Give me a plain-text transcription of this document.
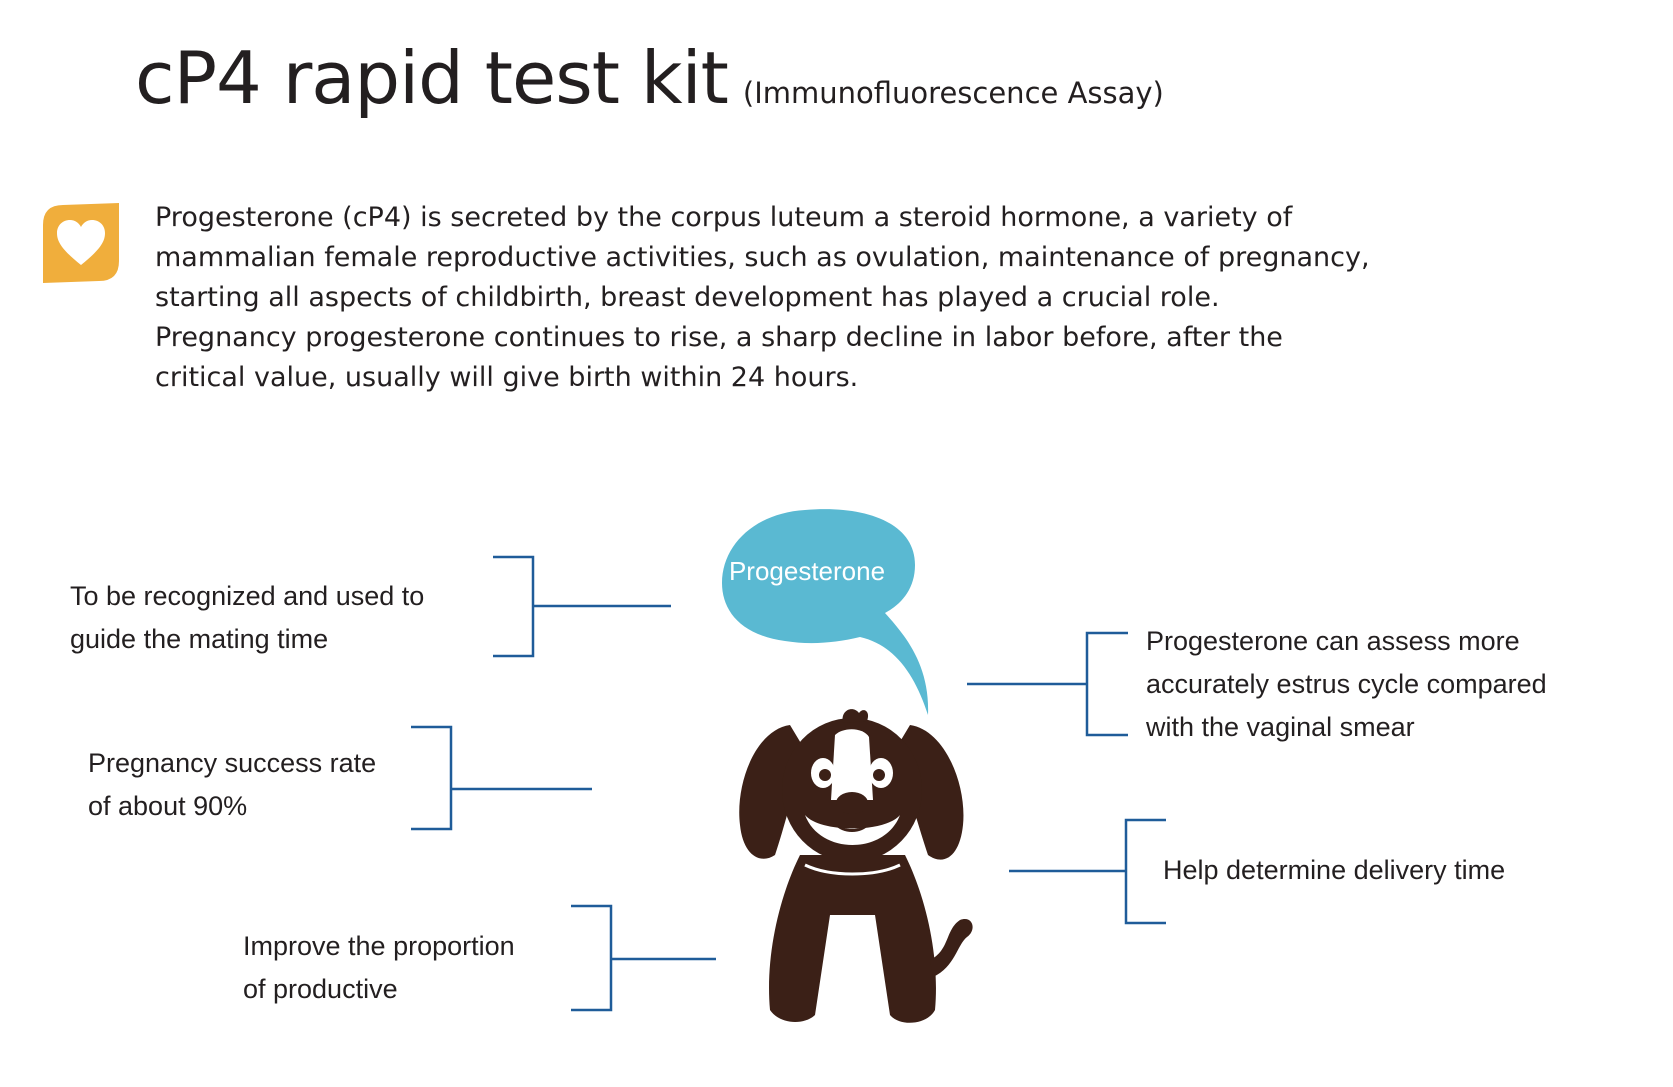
cP4 rapid test kit (Immunofluorescence Assay)

Progesterone (cP4) is secreted by the corpus luteum a steroid hormone, a variety of

mammalian female reproductive activities, such as ovulation, maintenance of pregnancy,

starting all aspects of childbirth, breast development has played a crucial role.

Pregnancy progesterone continues to rise, a sharp decline in labor before, after the

critical value, usually will give birth within 24 hours.

To be recognized and used to
guide the mating time
Pregnancy success rate
of about 90%
Improve the proportion
of productive
Progesterone can assess more
accurately estrus cycle compared
with the vaginal smear
Help determine delivery time
Progesterone
